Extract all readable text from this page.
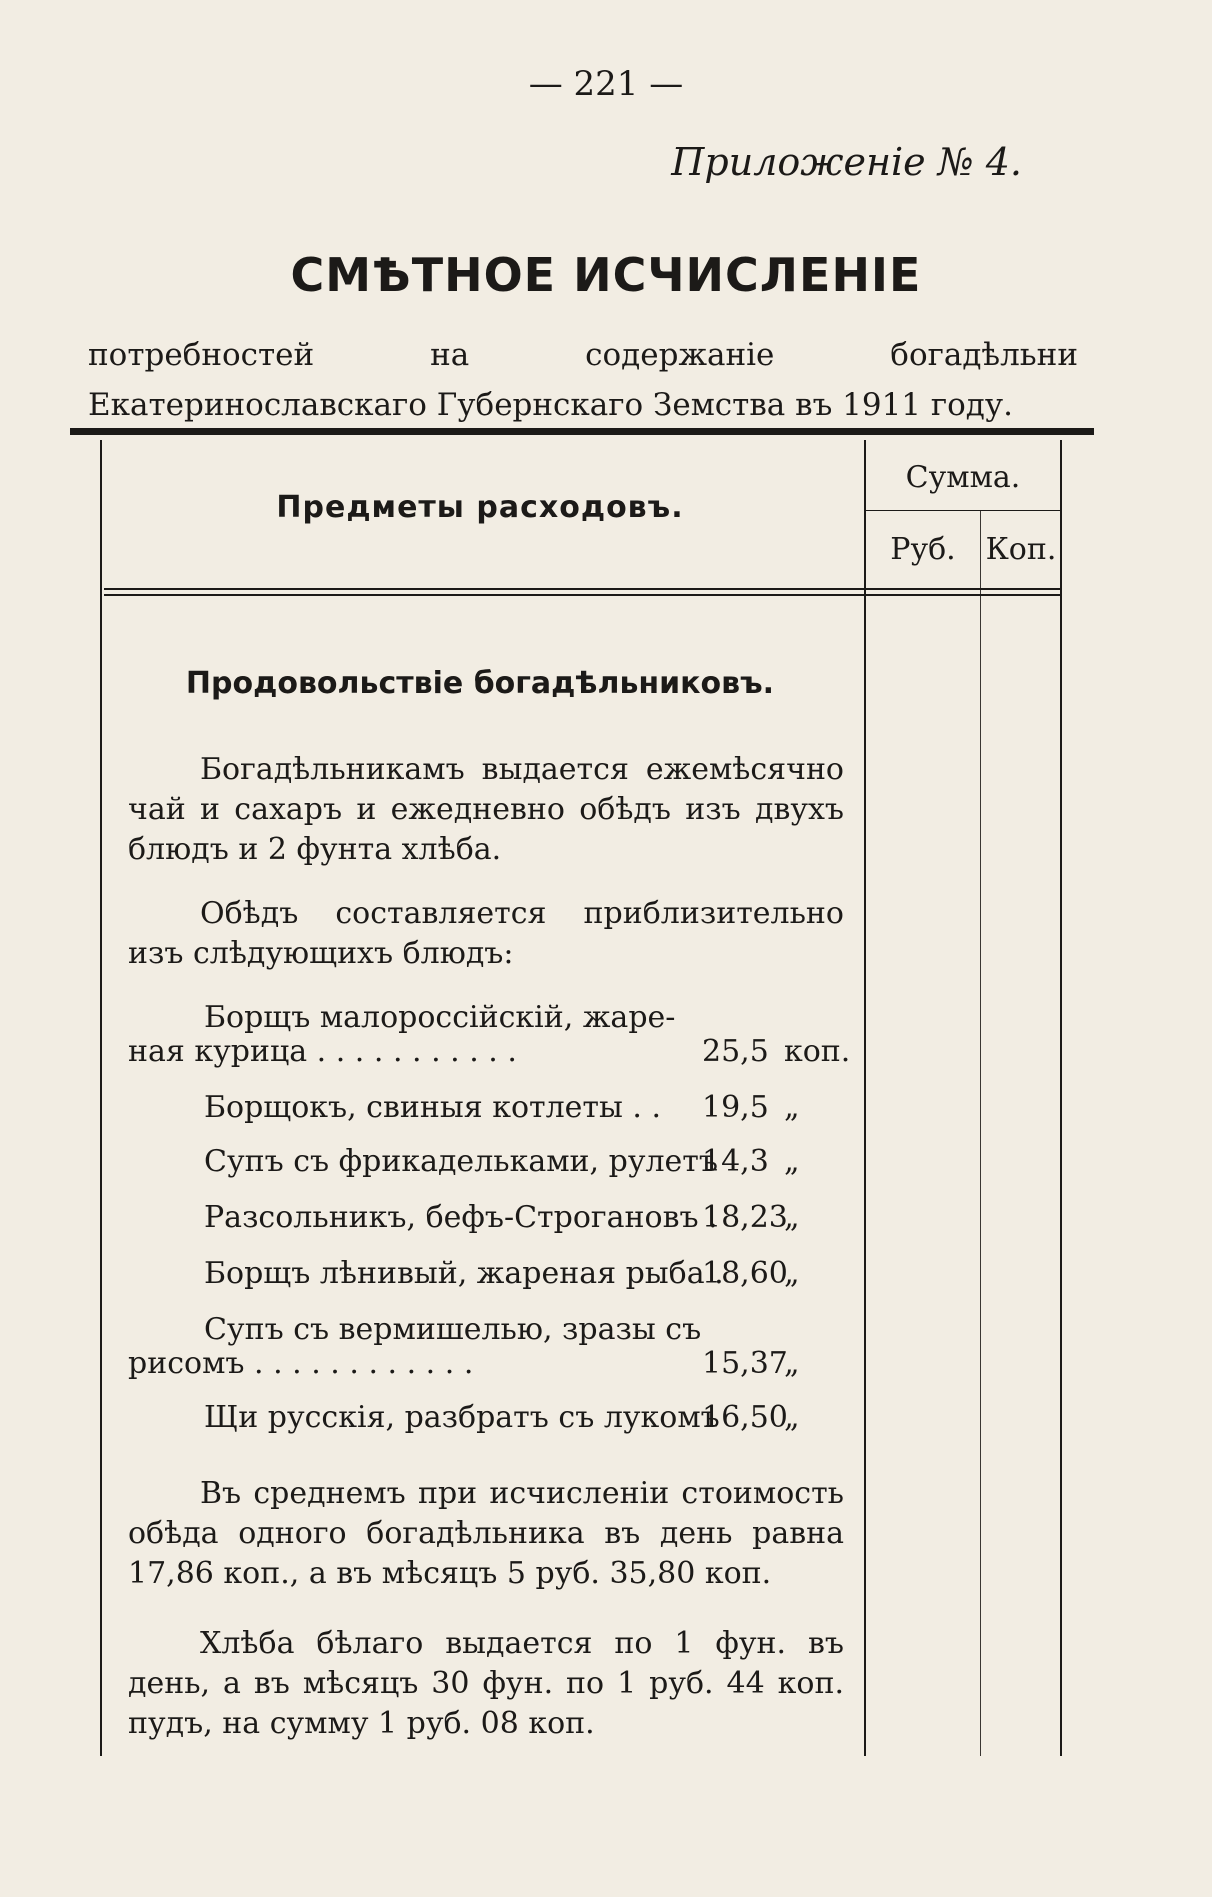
— 221 —
Приложенiе № 4.
СМѢТНОЕ ИСЧИСЛЕНIЕ
потребностей на содержанiе богадѣльни Екатеринославскаго Губернскаго Земства въ 1911 году.
Предметы расходовъ.
Сумма.
Руб. Коп.
Продовольствiе богадѣльниковъ.
Богадѣльникамъ выдается ежемѣсячно чай и сахаръ и ежедневно обѣдъ изъ двухъ блюдъ и 2 фунта хлѣба.
Обѣдъ составляется приблизительно изъ слѣдующихъ блюдъ:
Борщъ малороссiйскiй, жаре-
ная курица . . . . . . . . . . .	25,5 коп.
Борщокъ, свиныя котлеты . . 19,5 „
Супъ съ фрикадельками, рулетъ
14,3 „
Разсольникъ, бефъ-Строгановъ .
18,23
„
Борщъ лѣнивый, жареная рыба .
18,60
„
Супъ съ вермишелью, зразы съ
рисомъ . . . . . . . . . . . .	15,37
„
Щи русскiя, разбратъ съ лукомъ
16,50
„
Въ среднемъ при исчисленiи стоимость обѣда одного богадѣльника въ день равна 17,86 коп., а въ мѣсяцъ 5 руб. 35,80 коп.
Хлѣба бѣлаго выдается по 1 фун. въ день, а въ мѣсяцъ 30 фун. по 1 руб. 44 коп. пудъ, на сумму 1 руб. 08 коп.
